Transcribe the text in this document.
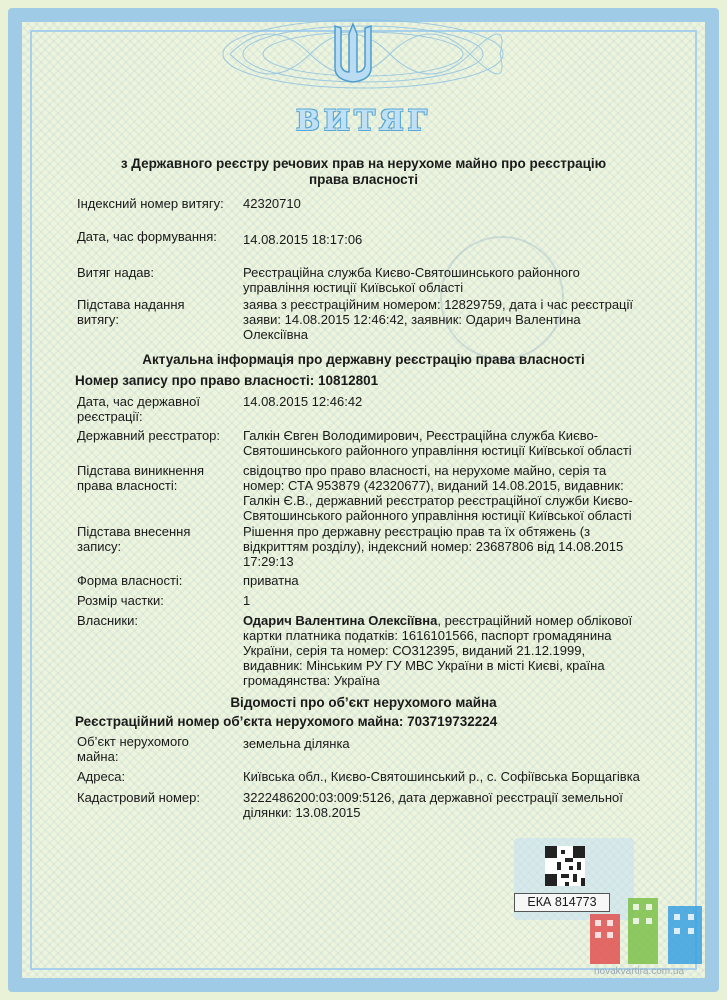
ВИТЯГ
з Державного реєстру речових прав на нерухоме майно про реєстрацію права власності
Індексний номер витягу: 42320710
Дата, час формування:	14.08.2015 18:17:06
Витяг надав:	Реєстраційна служба Києво-Святошинського районного управління юстиції Київської області
Підстава надання витягу:
заява з реєстраційним номером: 12829759, дата і час реєстрації заяви: 14.08.2015 12:46:42, заявник: Одарич Валентина Олексіївна
Актуальна інформація про державну реєстрацію права власності
Номер запису про право власності: 10812801
Дата, час державної реєстрації:
14.08.2015 12:46:42
Державний реєстратор:	Галкін Євген Володимирович, Реєстраційна служба Києво-Святошинського районного управління юстиції Київської області
Підстава виникнення права власності:
свідоцтво про право власності, на нерухоме майно, серія та номер: СТА 953879 (42320677), виданий 14.08.2015, видавник: Галкін Є.В., державний реєстратор реєстраційної служби Києво-Святошинського районного управління юстиції Київської області
Підстава внесення запису:
Рішення про державну реєстрацію прав та їх обтяжень (з відкриттям розділу), індексний номер: 23687806 від 14.08.2015 17:29:13
Форма власності:	приватна
Розмір частки:	1
Власники:	Одарич Валентина Олексіївна, реєстраційний номер облікової картки платника податків: 1616101566, паспорт громадянина України, серія та номер: СО312395, виданий 21.12.1999, видавник: Мінським РУ ГУ МВС України в місті Києві, країна громадянства: Україна
Відомості про об’єкт нерухомого майна
Реєстраційний номер об’єкта нерухомого майна: 703719732224
Об’єкт нерухомого майна:
земельна ділянка
Адреса:	Київська обл., Києво-Святошинський р., с. Софіївська Борщагівка
Кадастровий номер:	3222486200:03:009:5126, дата державної реєстрації земельної ділянки: 13.08.2015
ЕКА 814773
novakvartira.com.ua
